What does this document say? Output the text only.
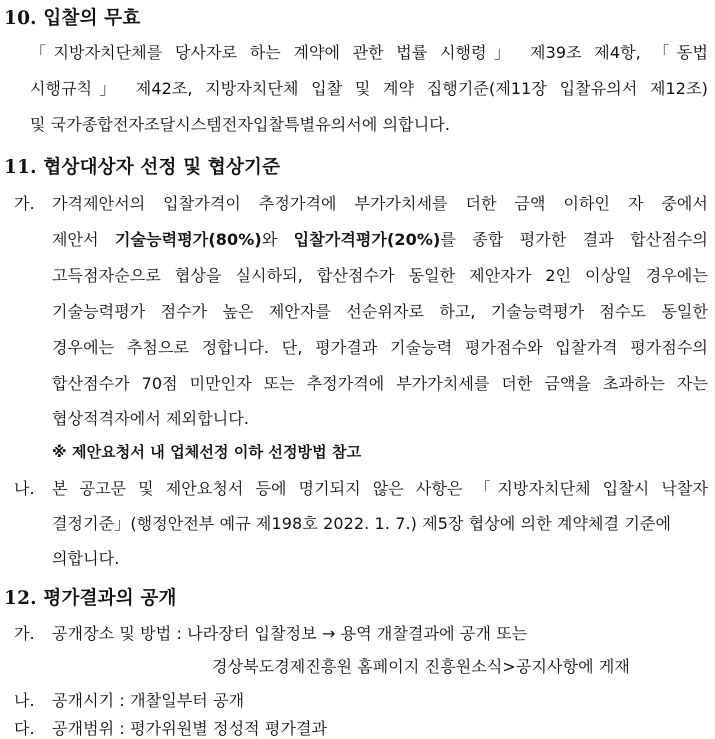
10. 입찰의 무효
「지방자치단체를 당사자로 하는 계약에 관한 법률 시행령」 제39조 제4항, 「동법
시행규칙」 제42조, 지방자치단체 입찰 및 계약 집행기준(제11장 입찰유의서 제12조)
및 국가종합전자조달시스템전자입찰특별유의서에 의합니다.
11. 협상대상자 선정 및 협상기준
가. 가격제안서의 입찰가격이 추정가격에 부가가치세를 더한 금액 이하인 자 중에서
제안서 기술능력평가(80%)와 입찰가격평가(20%)를 종합 평가한 결과 합산점수의
고득점자순으로 협상을 실시하되, 합산점수가 동일한 제안자가 2인 이상일 경우에는
기술능력평가 점수가 높은 제안자를 선순위자로 하고, 기술능력평가 점수도 동일한
경우에는 추첨으로 정합니다. 단, 평가결과 기술능력 평가점수와 입찰가격 평가점수의
합산점수가 70점 미만인자 또는 추정가격에 부가가치세를 더한 금액을 초과하는 자는
협상적격자에서 제외합니다.
※ 제안요청서 내 업체선정 이하 선정방법 참고
나. 본 공고문 및 제안요청서 등에 명기되지 않은 사항은 「지방자치단체 입찰시 낙찰자
결정기준」(행정안전부 예규 제198호 2022. 1. 7.) 제5장 협상에 의한 계약체결 기준에
의합니다.
12. 평가결과의 공개
가. 공개장소 및 방법 : 나라장터 입찰정보 → 용역 개찰결과에 공개 또는
경상북도경제진흥원 홈페이지 진흥원소식>공지사항에 게재
나. 공개시기 : 개찰일부터 공개
다. 공개범위 : 평가위원별 정성적 평가결과
